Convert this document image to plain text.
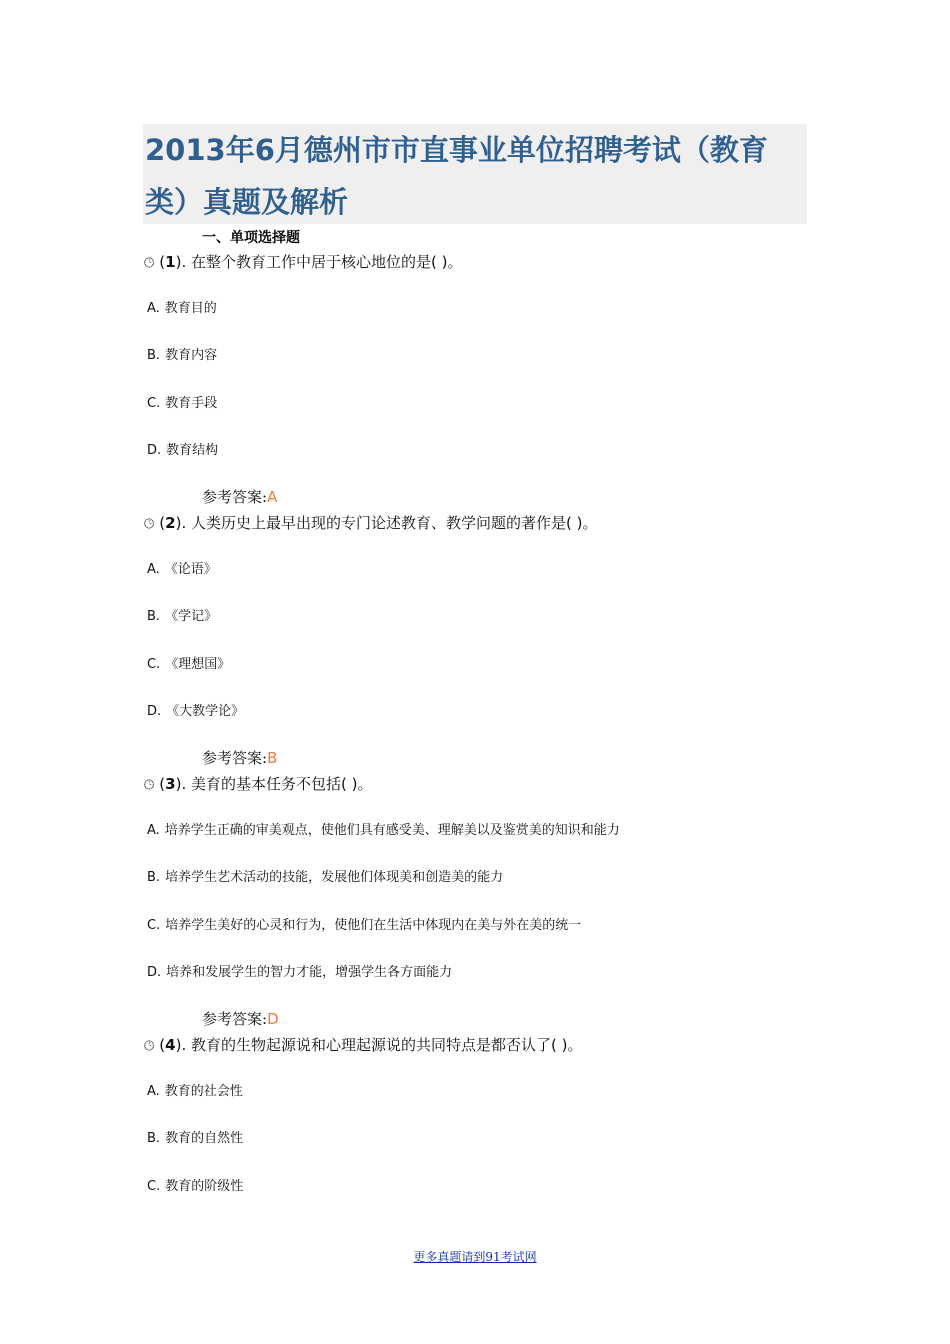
2013年6月德州市市直事业单位招聘考试（教育类）真题及解析
一、单项选择题
🕒︎ (1). 在整个教育工作中居于核心地位的是( )。
A. 教育目的
B. 教育内容
C. 教育手段
D. 教育结构
参考答案:A
🕒︎ (2). 人类历史上最早出现的专门论述教育、教学问题的著作是( )。
A. 《论语》
B. 《学记》
C. 《理想国》
D. 《大教学论》
参考答案:B
🕒︎ (3). 美育的基本任务不包括( )。
A. 培养学生正确的审美观点，使他们具有感受美、理解美以及鉴赏美的知识和能力
B. 培养学生艺术活动的技能，发展他们体现美和创造美的能力
C. 培养学生美好的心灵和行为，使他们在生活中体现内在美与外在美的统一
D. 培养和发展学生的智力才能，增强学生各方面能力
参考答案:D
🕒︎ (4). 教育的生物起源说和心理起源说的共同特点是都否认了( )。
A. 教育的社会性
B. 教育的自然性
C. 教育的阶级性
更多真题请到91考试网
